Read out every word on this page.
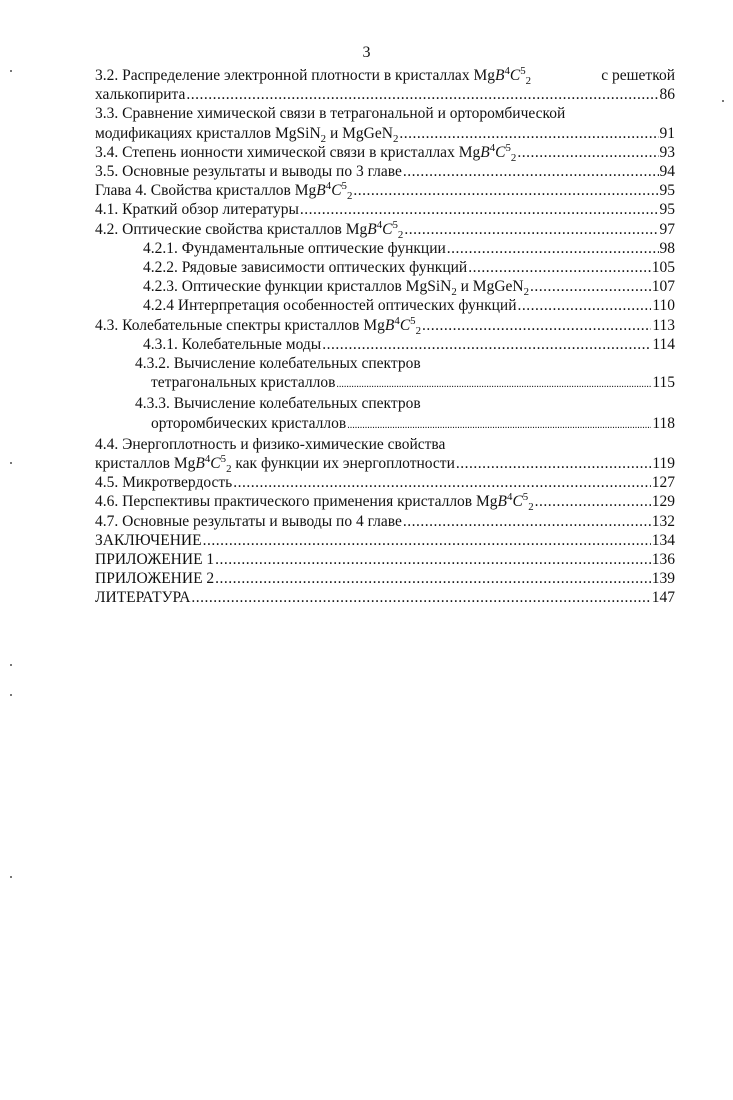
3
3.2. Распределение электронной плотности в кристаллах $MgB^4C^5_2$	с решеткой
халькопирита .....	86
3.3. Сравнение химической связи в тетрагональной и орторомбической
модификациях кристаллов MgSiN$_2$ и MgGeN$_2$ .....	91
3.4. Степень ионности химической связи в кристаллах $MgB^4C^5_2$ .....	93
3.5. Основные результаты и выводы по 3 главе .....	94
Глава 4. Свойства кристаллов $MgB^4C^5_2$ .....	95
4.1. Краткий обзор литературы .....	95
4.2. Оптические свойства кристаллов $MgB^4C^5_2$ .....	97
4.2.1. Фундаментальные оптические функции .....	98
4.2.2. Рядовые зависимости оптических функций .....	105
4.2.3. Оптические функции кристаллов MgSiN$_2$ и MgGeN$_2$ .....	107
4.2.4 Интерпретация особенностей оптических функций .....	110
4.3. Колебательные спектры кристаллов $MgB^4C^5_2$ .....	113
4.3.1. Колебательные моды .....	114
4.3.2. Вычисление колебательных спектров
тетрагональных кристаллов .....	115
4.3.3. Вычисление колебательных спектров
орторомбических кристаллов .....	118
4.4. Энергоплотность и физико-химические свойства
кристаллов $MgB^4C^5_2$ как функции их энергоплотности .....	119
4.5. Микротвердость .....	127
4.6. Перспективы практического применения кристаллов $MgB^4C^5_2$ .....	129
4.7. Основные результаты и выводы по 4 главе .....	132
ЗАКЛЮЧЕНИЕ .....	134
ПРИЛОЖЕНИЕ 1 .....	136
ПРИЛОЖЕНИЕ 2 .....	139
ЛИТЕРАТУРА .....	147
